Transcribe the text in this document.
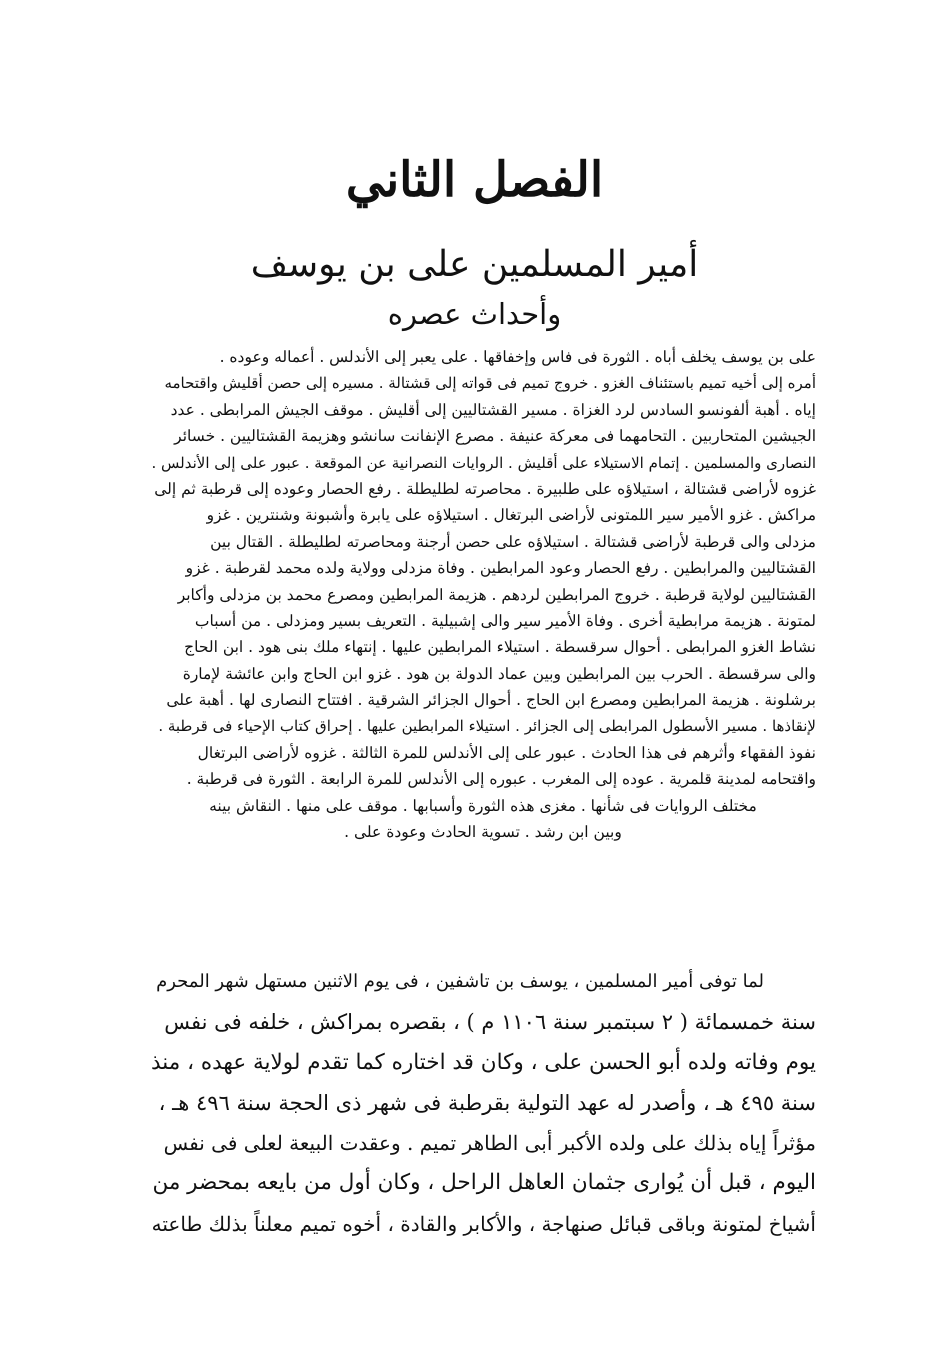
الفصل الثاني
أمير المسلمين على بن يوسف
وأحداث عصره
على بن يوسف يخلف أباه . الثورة فى فاس وإخفاقها . على يعبر إلى الأندلس . أعماله وعوده .
أمره إلى أخيه تميم باستئناف الغزو . خروج تميم فى قواته إلى قشتالة . مسيره إلى حصن أقليش واقتحامه
إياه . أهبة ألفونسو السادس لرد الغزاة . مسير القشتاليين إلى أقليش . موقف الجيش المرابطى . عدد
الجيشين المتحاربين . التحامهما فى معركة عنيفة . مصرع الإنفانت سانشو وهزيمة القشتاليين . خسائر
النصارى والمسلمين . إتمام الاستيلاء على أقليش . الروايات النصرانية عن الموقعة . عبور على إلى الأندلس .
غزوه لأراضى قشتالة ، استيلاؤه على طلبيرة . محاصرته لطليطلة . رفع الحصار وعوده إلى قرطبة ثم إلى
مراكش . غزو الأمير سير اللمتونى لأراضى البرتغال . استيلاؤه على يابرة وأشبونة وشنترين . غزو
مزدلى والى قرطبة لأراضى قشتالة . استيلاؤه على حصن أرجنة ومحاصرته لطليطلة . القتال بين
القشتاليين والمرابطين . رفع الحصار وعود المرابطين . وفاة مزدلى وولاية ولده محمد لقرطبة . غزو
القشتاليين لولاية قرطبة . خروج المرابطين لردهم . هزيمة المرابطين ومصرع محمد بن مزدلى وأكابر
لمتونة . هزيمة مرابطية أخرى . وفاة الأمير سير والى إشبيلية . التعريف بسير ومزدلى . من أسباب
نشاط الغزو المرابطى . أحوال سرقسطة . استيلاء المرابطين عليها . إنتهاء ملك بنى هود . ابن الحاج
والى سرقسطة . الحرب بين المرابطين وبين عماد الدولة بن هود . غزو ابن الحاج وابن عائشة لإمارة
برشلونة . هزيمة المرابطين ومصرع ابن الحاج . أحوال الجزائر الشرقية . افتتاح النصارى لها . أهبة على
لإنقاذها . مسير الأسطول المرابطى إلى الجزائر . استيلاء المرابطين عليها . إحراق كتاب الإحياء فى قرطبة .
نفوذ الفقهاء وأثرهم فى هذا الحادث . عبور على إلى الأندلس للمرة الثالثة . غزوه لأراضى البرتغال
واقتحامه لمدينة قلمرية . عوده إلى المغرب . عبوره إلى الأندلس للمرة الرابعة . الثورة فى قرطبة .
مختلف الروايات فى شأنها . مغزى هذه الثورة وأسبابها . موقف على منها . النقاش بينه
وبين ابن رشد . تسوية الحادث وعودة على .
لما توفى أمير المسلمين ، يوسف بن تاشفين ، فى يوم الاثنين مستهل شهر المحرم
سنة خمسمائة ( ٢ سبتمبر سنة ١١٠٦ م ) ، بقصره بمراكش ، خلفه فى نفس
يوم وفاته ولده أبو الحسن على ، وكان قد اختاره كما تقدم لولاية عهده ، منذ
سنة ٤٩٥ هـ ، وأصدر له عهد التولية بقرطبة فى شهر ذى الحجة سنة ٤٩٦ هـ ،
مؤثراً إياه بذلك على ولده الأكبر أبى الطاهر تميم . وعقدت البيعة لعلى فى نفس
اليوم ، قبل أن يُوارى جثمان العاهل الراحل ، وكان أول من بايعه بمحضر من
أشياخ لمتونة وباقى قبائل صنهاجة ، والأكابر والقادة ، أخوه تميم معلناً بذلك طاعته
